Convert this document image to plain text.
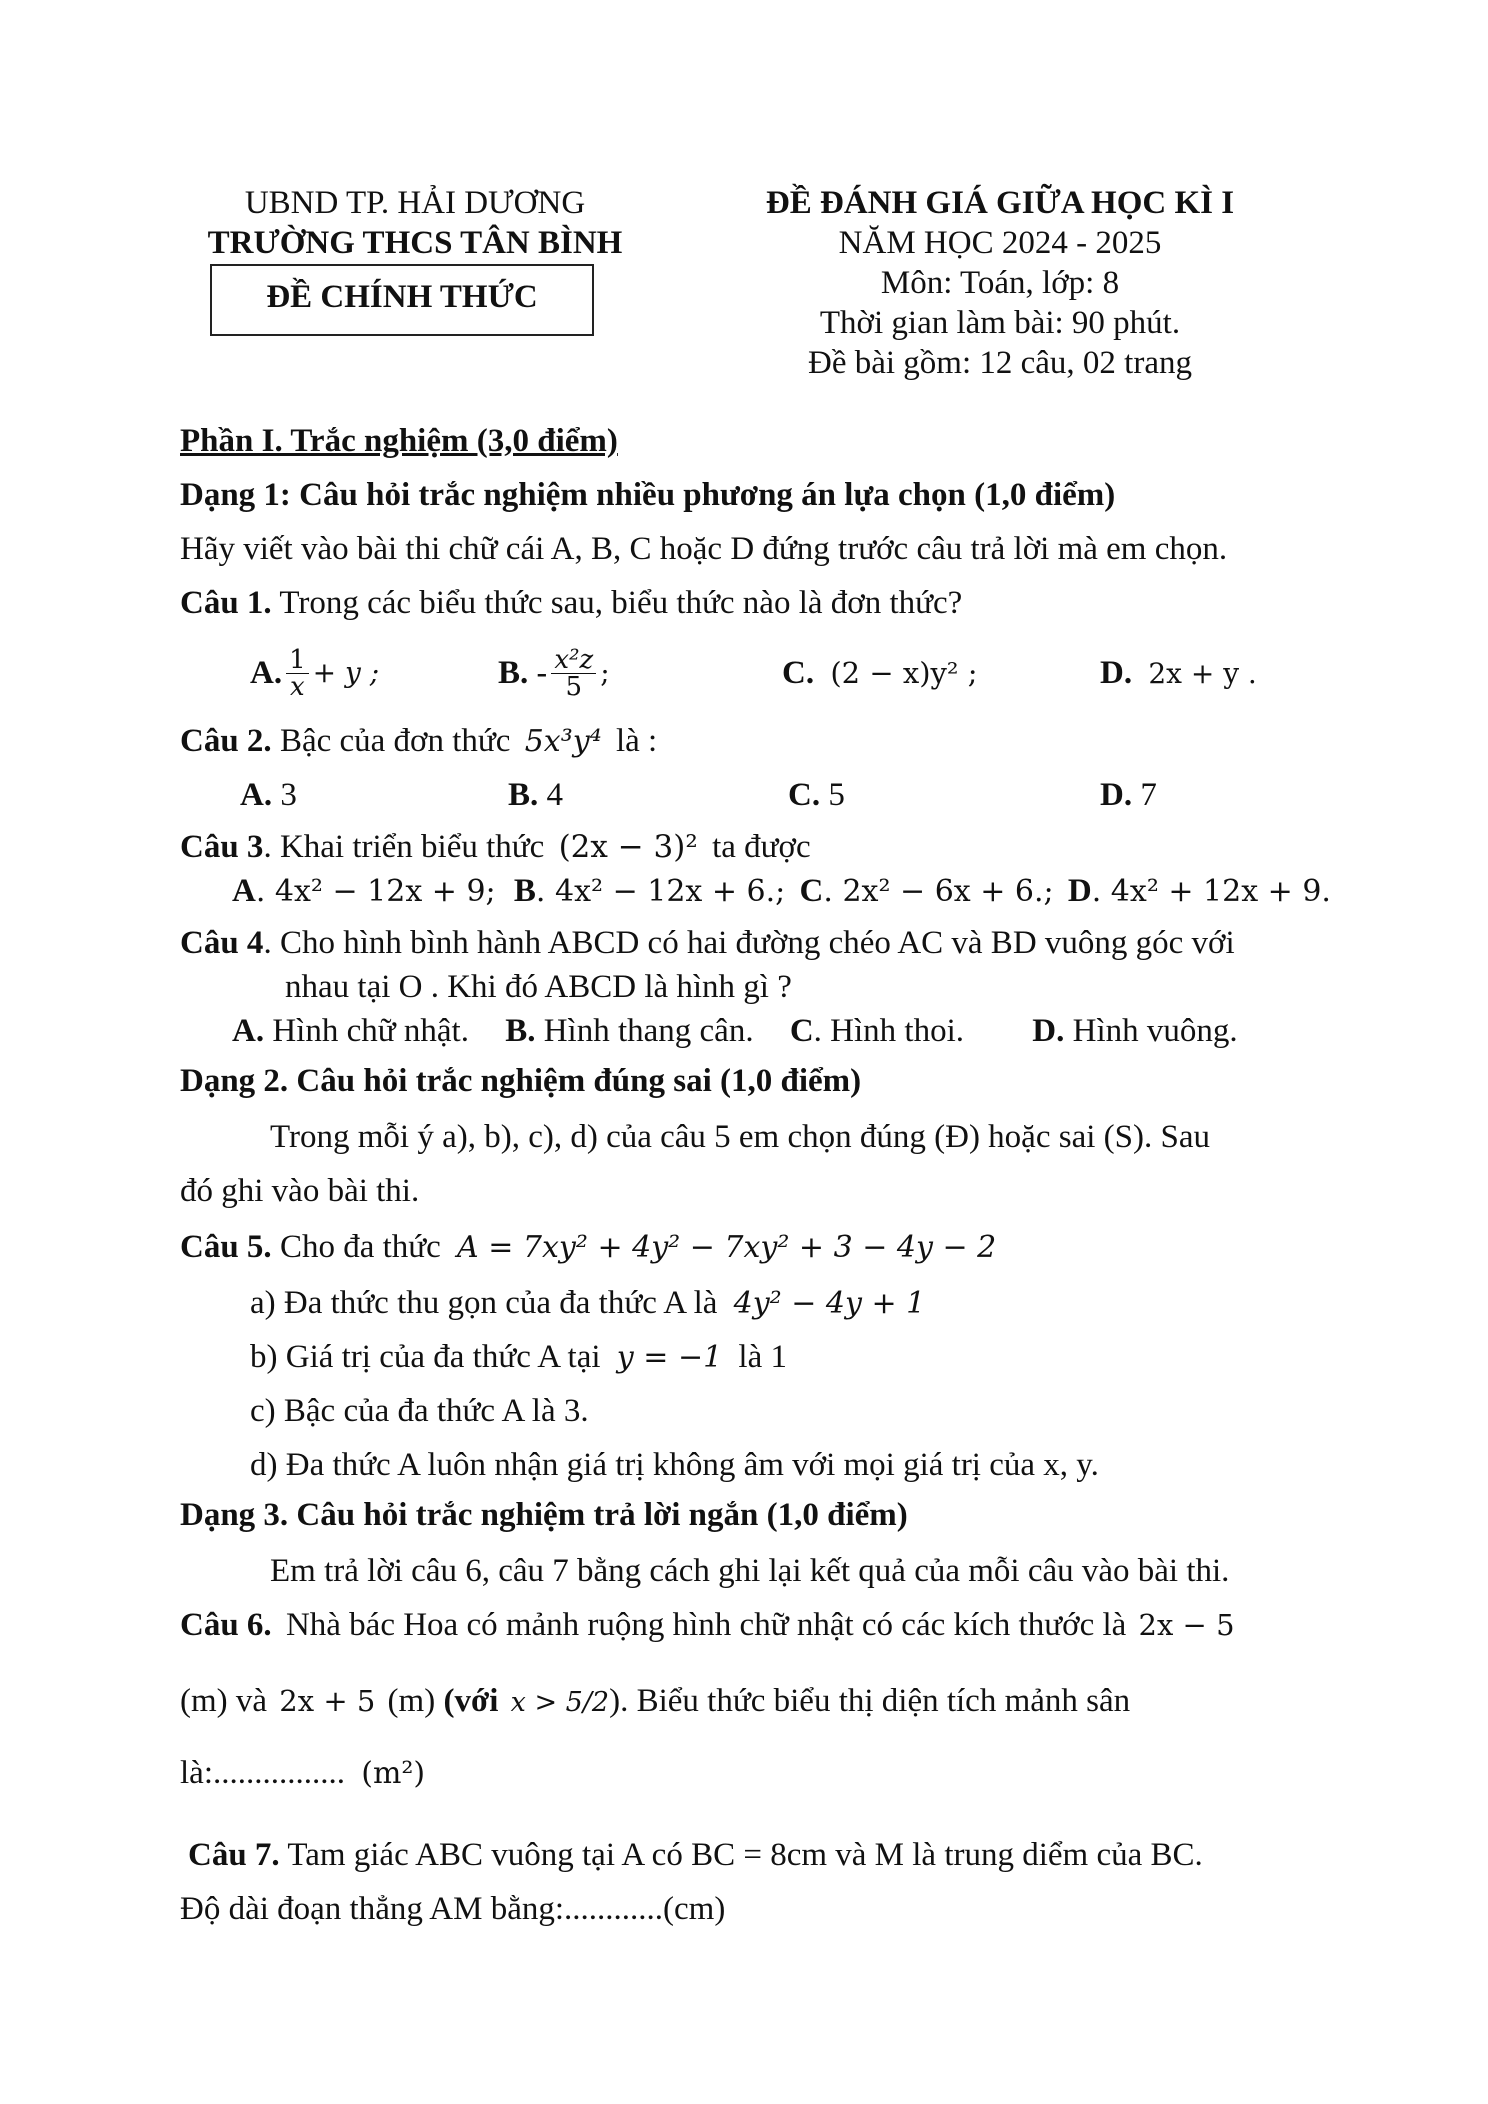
UBND TP. HẢI DƯƠNG
TRƯỜNG THCS TÂN BÌNH
ĐỀ CHÍNH THỨC
ĐỀ ĐÁNH GIÁ GIỮA HỌC KÌ I
NĂM HỌC 2024 - 2025
Môn: Toán, lớp: 8
Thời gian làm bài: 90 phút.
Đề bài gồm: 12 câu, 02 trang
Phần I. Trắc nghiệm (3,0 điểm)
Dạng 1: Câu hỏi trắc nghiệm nhiều phương án lựa chọn (1,0 điểm)
Hãy viết vào bài thi chữ cái A, B, C hoặc D đứng trước câu trả lời mà em chọn.
Câu 1. Trong các biểu thức sau, biểu thức nào là đơn thức?
A. $\frac{1}{x} + y$ ;	B. - $\frac{\text{x²z}}{5}$ ;	C. (2 − x)y² ;	D. 2x + y .
Câu 2. Bậc của đơn thức 5x³y⁴ là :
A. 3	B. 4	C. 5	D. 7
Câu 3. Khai triển biểu thức (2x − 3)² ta được
A. 4x² − 12x + 9; B. 4x² − 12x + 6.; C. 2x² − 6x + 6.; D. 4x² + 12x + 9.
Câu 4. Cho hình bình hành ABCD có hai đường chéo AC và BD vuông góc với
nhau tại O . Khi đó ABCD là hình gì ?
A. Hình chữ nhật. B. Hình thang cân. C. Hình thoi. D. Hình vuông.
Dạng 2. Câu hỏi trắc nghiệm đúng sai (1,0 điểm)
Trong mỗi ý a), b), c), d) của câu 5 em chọn đúng (Đ) hoặc sai (S). Sau
đó ghi vào bài thi.
Câu 5. Cho đa thức A = 7xy² + 4y² − 7xy² + 3 − 4y − 2
a) Đa thức thu gọn của đa thức A là 4y² − 4y + 1
b) Giá trị của đa thức A tại y = −1 là 1
c) Bậc của đa thức A là 3.
d) Đa thức A luôn nhận giá trị không âm với mọi giá trị của x, y.
Dạng 3. Câu hỏi trắc nghiệm trả lời ngắn (1,0 điểm)
Em trả lời câu 6, câu 7 bằng cách ghi lại kết quả của mỗi câu vào bài thi.
Câu 6. Nhà bác Hoa có mảnh ruộng hình chữ nhật có các kích thước là 2x − 5
(m) và 2x + 5 (m) (với x > 5/2). Biểu thức biểu thị diện tích mảnh sân
là:................ (m²)
Câu 7. Tam giác ABC vuông tại A có BC = 8cm và M là trung diểm của BC.
Độ dài đoạn thẳng AM bằng:............(cm)
